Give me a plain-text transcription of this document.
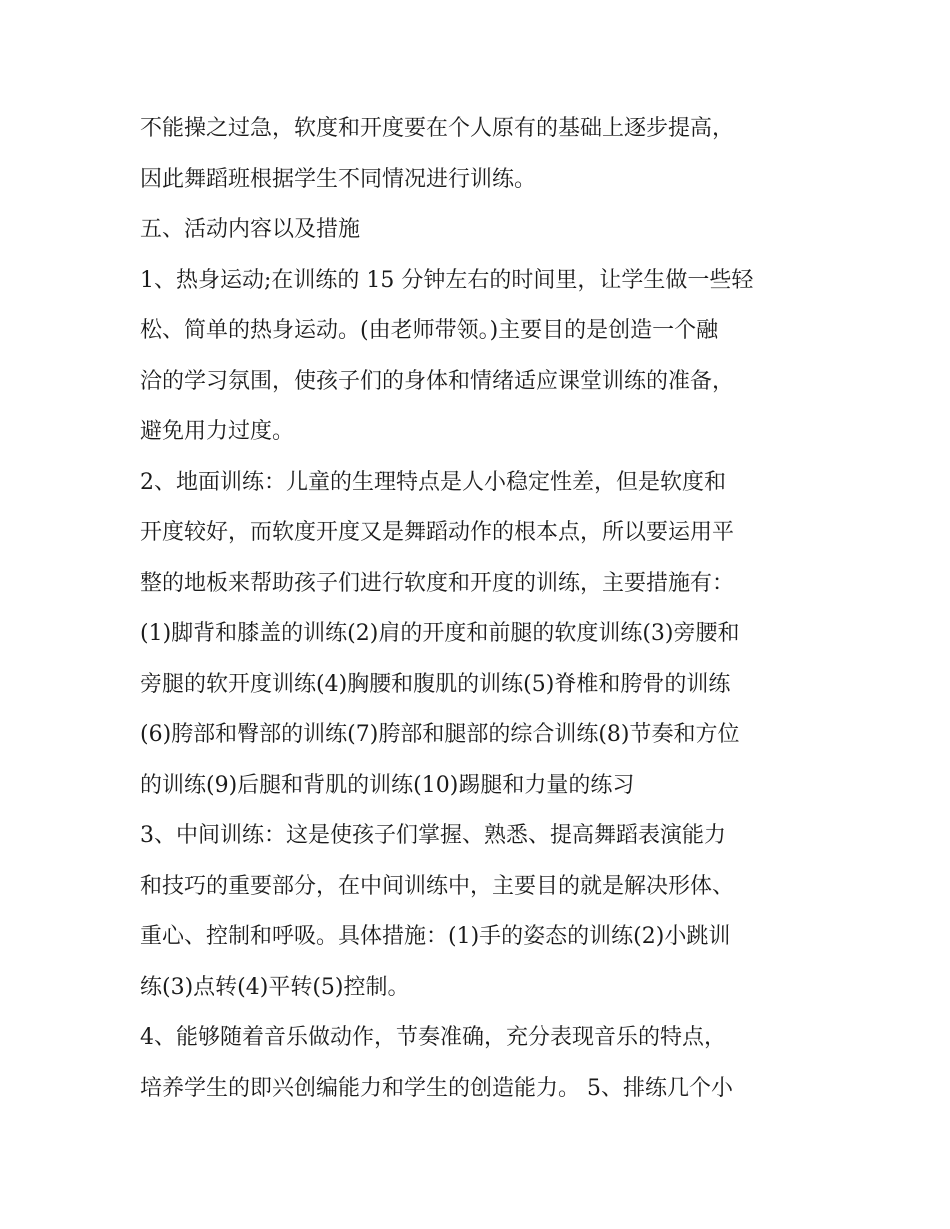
不能操之过急，软度和开度要在个人原有的基础上逐步提高，
因此舞蹈班根据学生不同情况进行训练。
五、活动内容以及措施
1、热身运动;在训练的 15 分钟左右的时间里，让学生做一些轻
松、简单的热身运动。(由老师带领。)主要目的是创造一个融
洽的学习氛围，使孩子们的身体和情绪适应课堂训练的准备，
避免用力过度。
2、地面训练：儿童的生理特点是人小稳定性差，但是软度和
开度较好，而软度开度又是舞蹈动作的根本点，所以要运用平
整的地板来帮助孩子们进行软度和开度的训练，主要措施有：
(1)脚背和膝盖的训练(2)肩的开度和前腿的软度训练(3)旁腰和
旁腿的软开度训练(4)胸腰和腹肌的训练(5)脊椎和胯骨的训练
(6)胯部和臀部的训练(7)胯部和腿部的综合训练(8)节奏和方位
的训练(9)后腿和背肌的训练(10)踢腿和力量的练习
3、中间训练：这是使孩子们掌握、熟悉、提高舞蹈表演能力
和技巧的重要部分，在中间训练中，主要目的就是解决形体、
重心、控制和呼吸。具体措施：(1)手的姿态的训练(2)小跳训
练(3)点转(4)平转(5)控制。
4、能够随着音乐做动作，节奏准确，充分表现音乐的特点，
培养学生的即兴创编能力和学生的创造能力。 5、排练几个小
